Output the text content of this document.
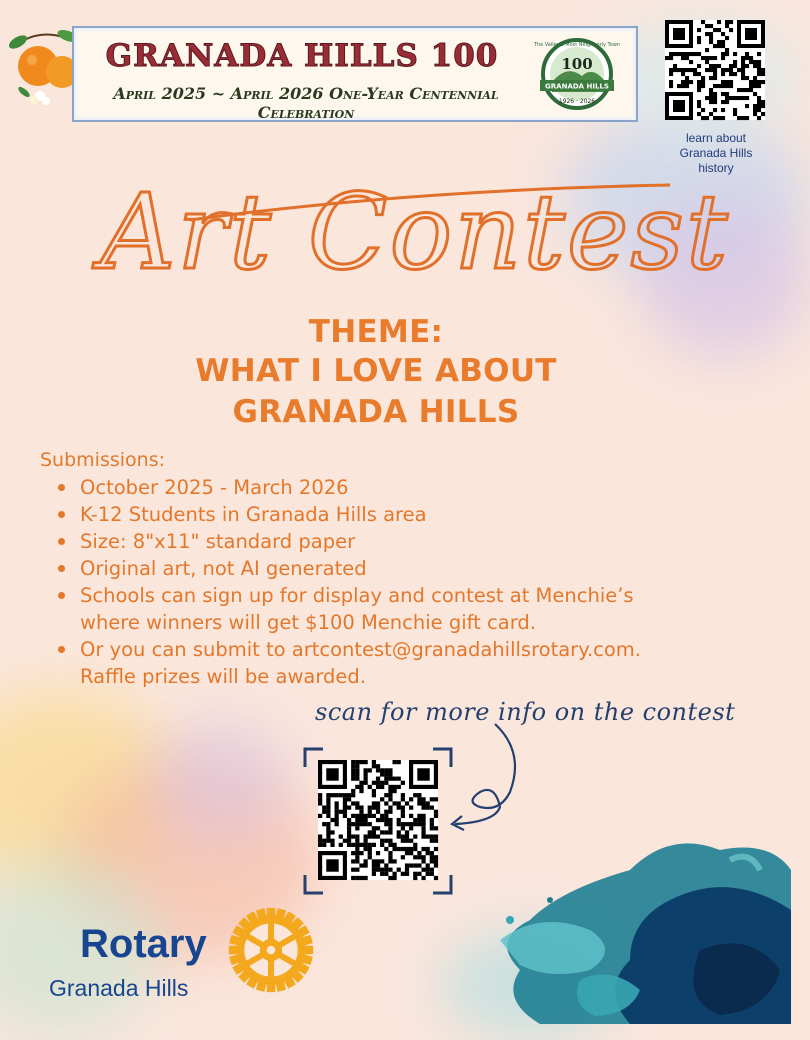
GRANADA HILLS 100
April 2025 ~ April 2026 One-Year Centennial Celebration
The Valley's Most Neighborly Town
100
GRANADA HILLS
1926 · 2026
learn about
Granada Hills
history
Art Contest
THEME:
WHAT I LOVE ABOUT
GRANADA HILLS
Submissions:
October 2025 - March 2026
K-12 Students in Granada Hills area
Size: 8"x11" standard paper
Original art, not AI generated
Schools can sign up for display and contest at Menchie’s
where winners will get $100 Menchie gift card.
Or you can submit to artcontest@granadahillsrotary.com.
Raffle prizes will be awarded.
scan for more info on the contest
Rotary
Granada Hills
